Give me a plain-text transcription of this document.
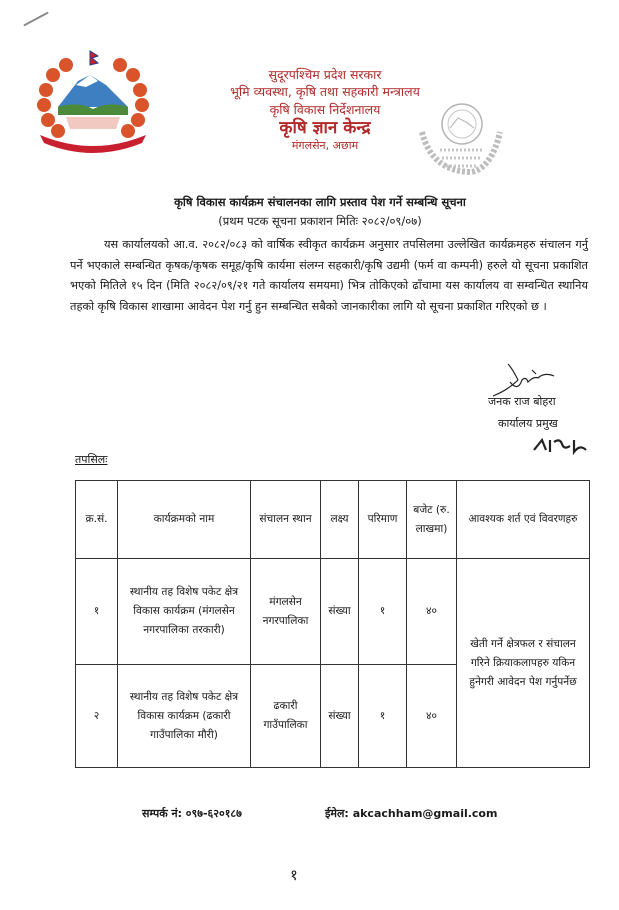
सुदूरपश्चिम प्रदेश सरकार
भूमि व्यवस्था, कृषि तथा सहकारी मन्त्रालय
कृषि विकास निर्देशनालय
कृषि ज्ञान केन्द्र
मंगलसेन, अछाम
कृषि विकास कार्यक्रम संचालनका लागि प्रस्ताव पेश गर्ने सम्बन्धि सूचना
(प्रथम पटक सूचना प्रकाशन मितिः २०८२/०९/०७)
यस कार्यालयको आ.व. २०८२/०८३ को वार्षिक स्वीकृत कार्यक्रम अनुसार तपसिलमा उल्लेखित कार्यक्रमहरु संचालन गर्नु पर्ने भएकाले सम्बन्धित कृषक/कृषक समूह/कृषि कार्यमा संलग्न सहकारी/कृषि उद्यमी (फर्म वा कम्पनी) हरुले यो सूचना प्रकाशित भएको मितिले १५ दिन (मिति २०८२/०९/२१ गते कार्यालय समयमा) भित्र तोकिएको ढाँचामा यस कार्यालय वा सम्वन्धित स्थानिय तहको कृषि विकास शाखामा आवेदन पेश गर्नु हुन सम्बन्धित सबैको जानकारीका लागि यो सूचना प्रकाशित गरिएको छ ।
जनक राज बोहरा
कार्यालय प्रमुख
तपसिलः
क्र.सं.	कार्यक्रमको नाम	संचालन स्थान	लक्ष्य	परिमाण	बजेट (रु. लाखमा)	आवश्यक शर्त एवं विवरणहरु
१	स्थानीय तह विशेष पकेट क्षेत्र विकास कार्यक्रम (मंगलसेन नगरपालिका तरकारी)	मंगलसेन नगरपालिका	संख्या	१	४०	खेती गर्ने क्षेत्रफल र संचालन गरिने क्रियाकलापहरु यकिन हुनेगरी आवेदन पेश गर्नुपर्नेछ
२	स्थानीय तह विशेष पकेट क्षेत्र विकास कार्यक्रम (ढकारी गाउँपालिका मौरी)	ढकारी गाउँपालिका	संख्या	१	४०	
सम्पर्क नं: ०९७-६२०१८७	ईमेल: akcachham@gmail.com
१
